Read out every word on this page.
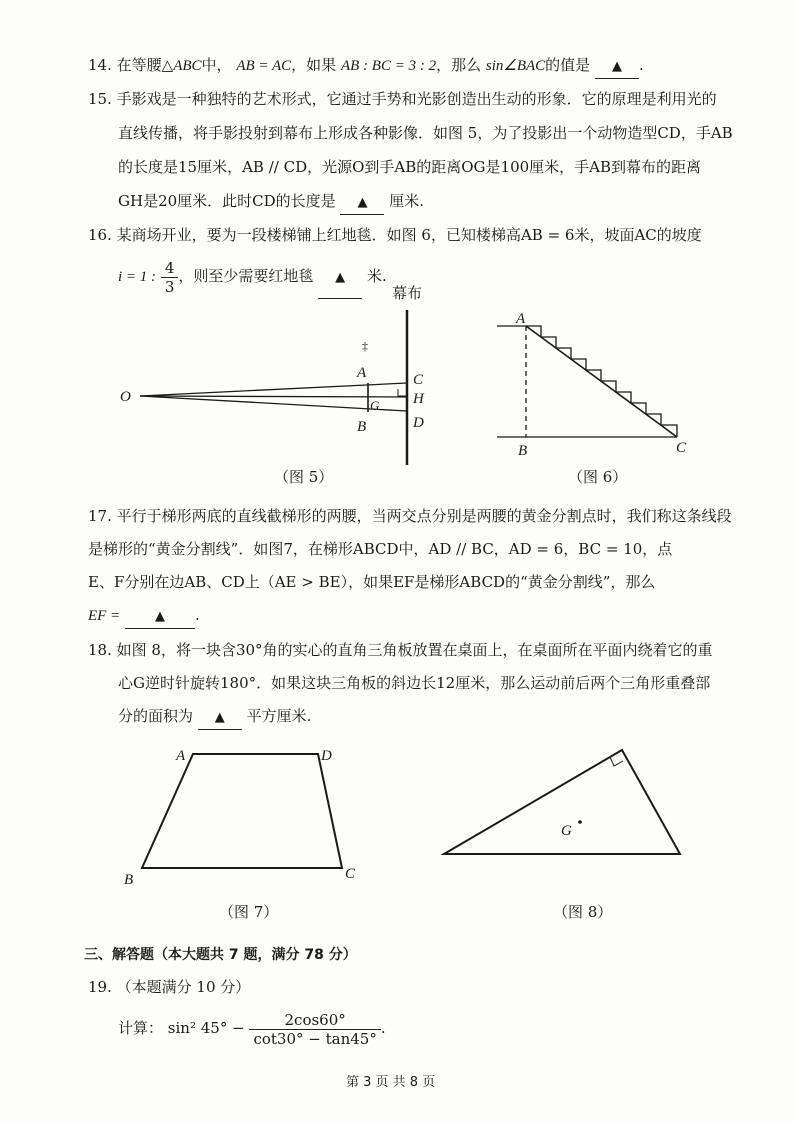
14. 在等腰△ABC中， AB = AC，如果 AB : BC = 3 : 2，那么 sin∠BAC的值是 ▲ .
15. 手影戏是一种独特的艺术形式，它通过手势和光影创造出生动的形象．它的原理是利用光的
直线传播，将手影投射到幕布上形成各种影像．如图 5，为了投影出一个动物造型CD，手AB
的长度是15厘米，AB // CD，光源O到手AB的距离OG是100厘米，手AB到幕布的距离
GH是20厘米．此时CD的长度是 ▲ 厘米.
16. 某商场开业，要为一段楼梯铺上红地毯．如图 6，已知楼梯高AB = 6米，坡面AC的坡度
i = 1 : $\frac{4}{3}$ ，则至少需要红地毯 ▲ 米.
幕布
‡
O
A
B
G
C
H
D
（图 5）
A
B	C
（图 6）
17. 平行于梯形两底的直线截梯形的两腰，当两交点分别是两腰的黄金分割点时，我们称这条线段
是梯形的“黄金分割线”．如图7，在梯形ABCD中，AD // BC，AD = 6，BC = 10，点
E、F分别在边AB、CD上（AE > BE），如果EF是梯形ABCD的“黄金分割线”，那么
EF =	▲ .
18. 如图 8，将一块含30°角的实心的直角三角板放置在桌面上，在桌面所在平面内绕着它的重
心G逆时针旋转180°．如果这块三角板的斜边长12厘米，那么运动前后两个三角形重叠部
分的面积为 ▲ 平方厘米.
A	D
B	C
（图 7）
G
（图 8）
三、解答题（本大题共 7 题，满分 78 分）
19. （本题满分 10 分）
计算： sin² $45^\circ - \frac{2\cos 60^\circ}{\cot 30^\circ - \tan 45^\circ}$ .
第 3 页 共 8 页
